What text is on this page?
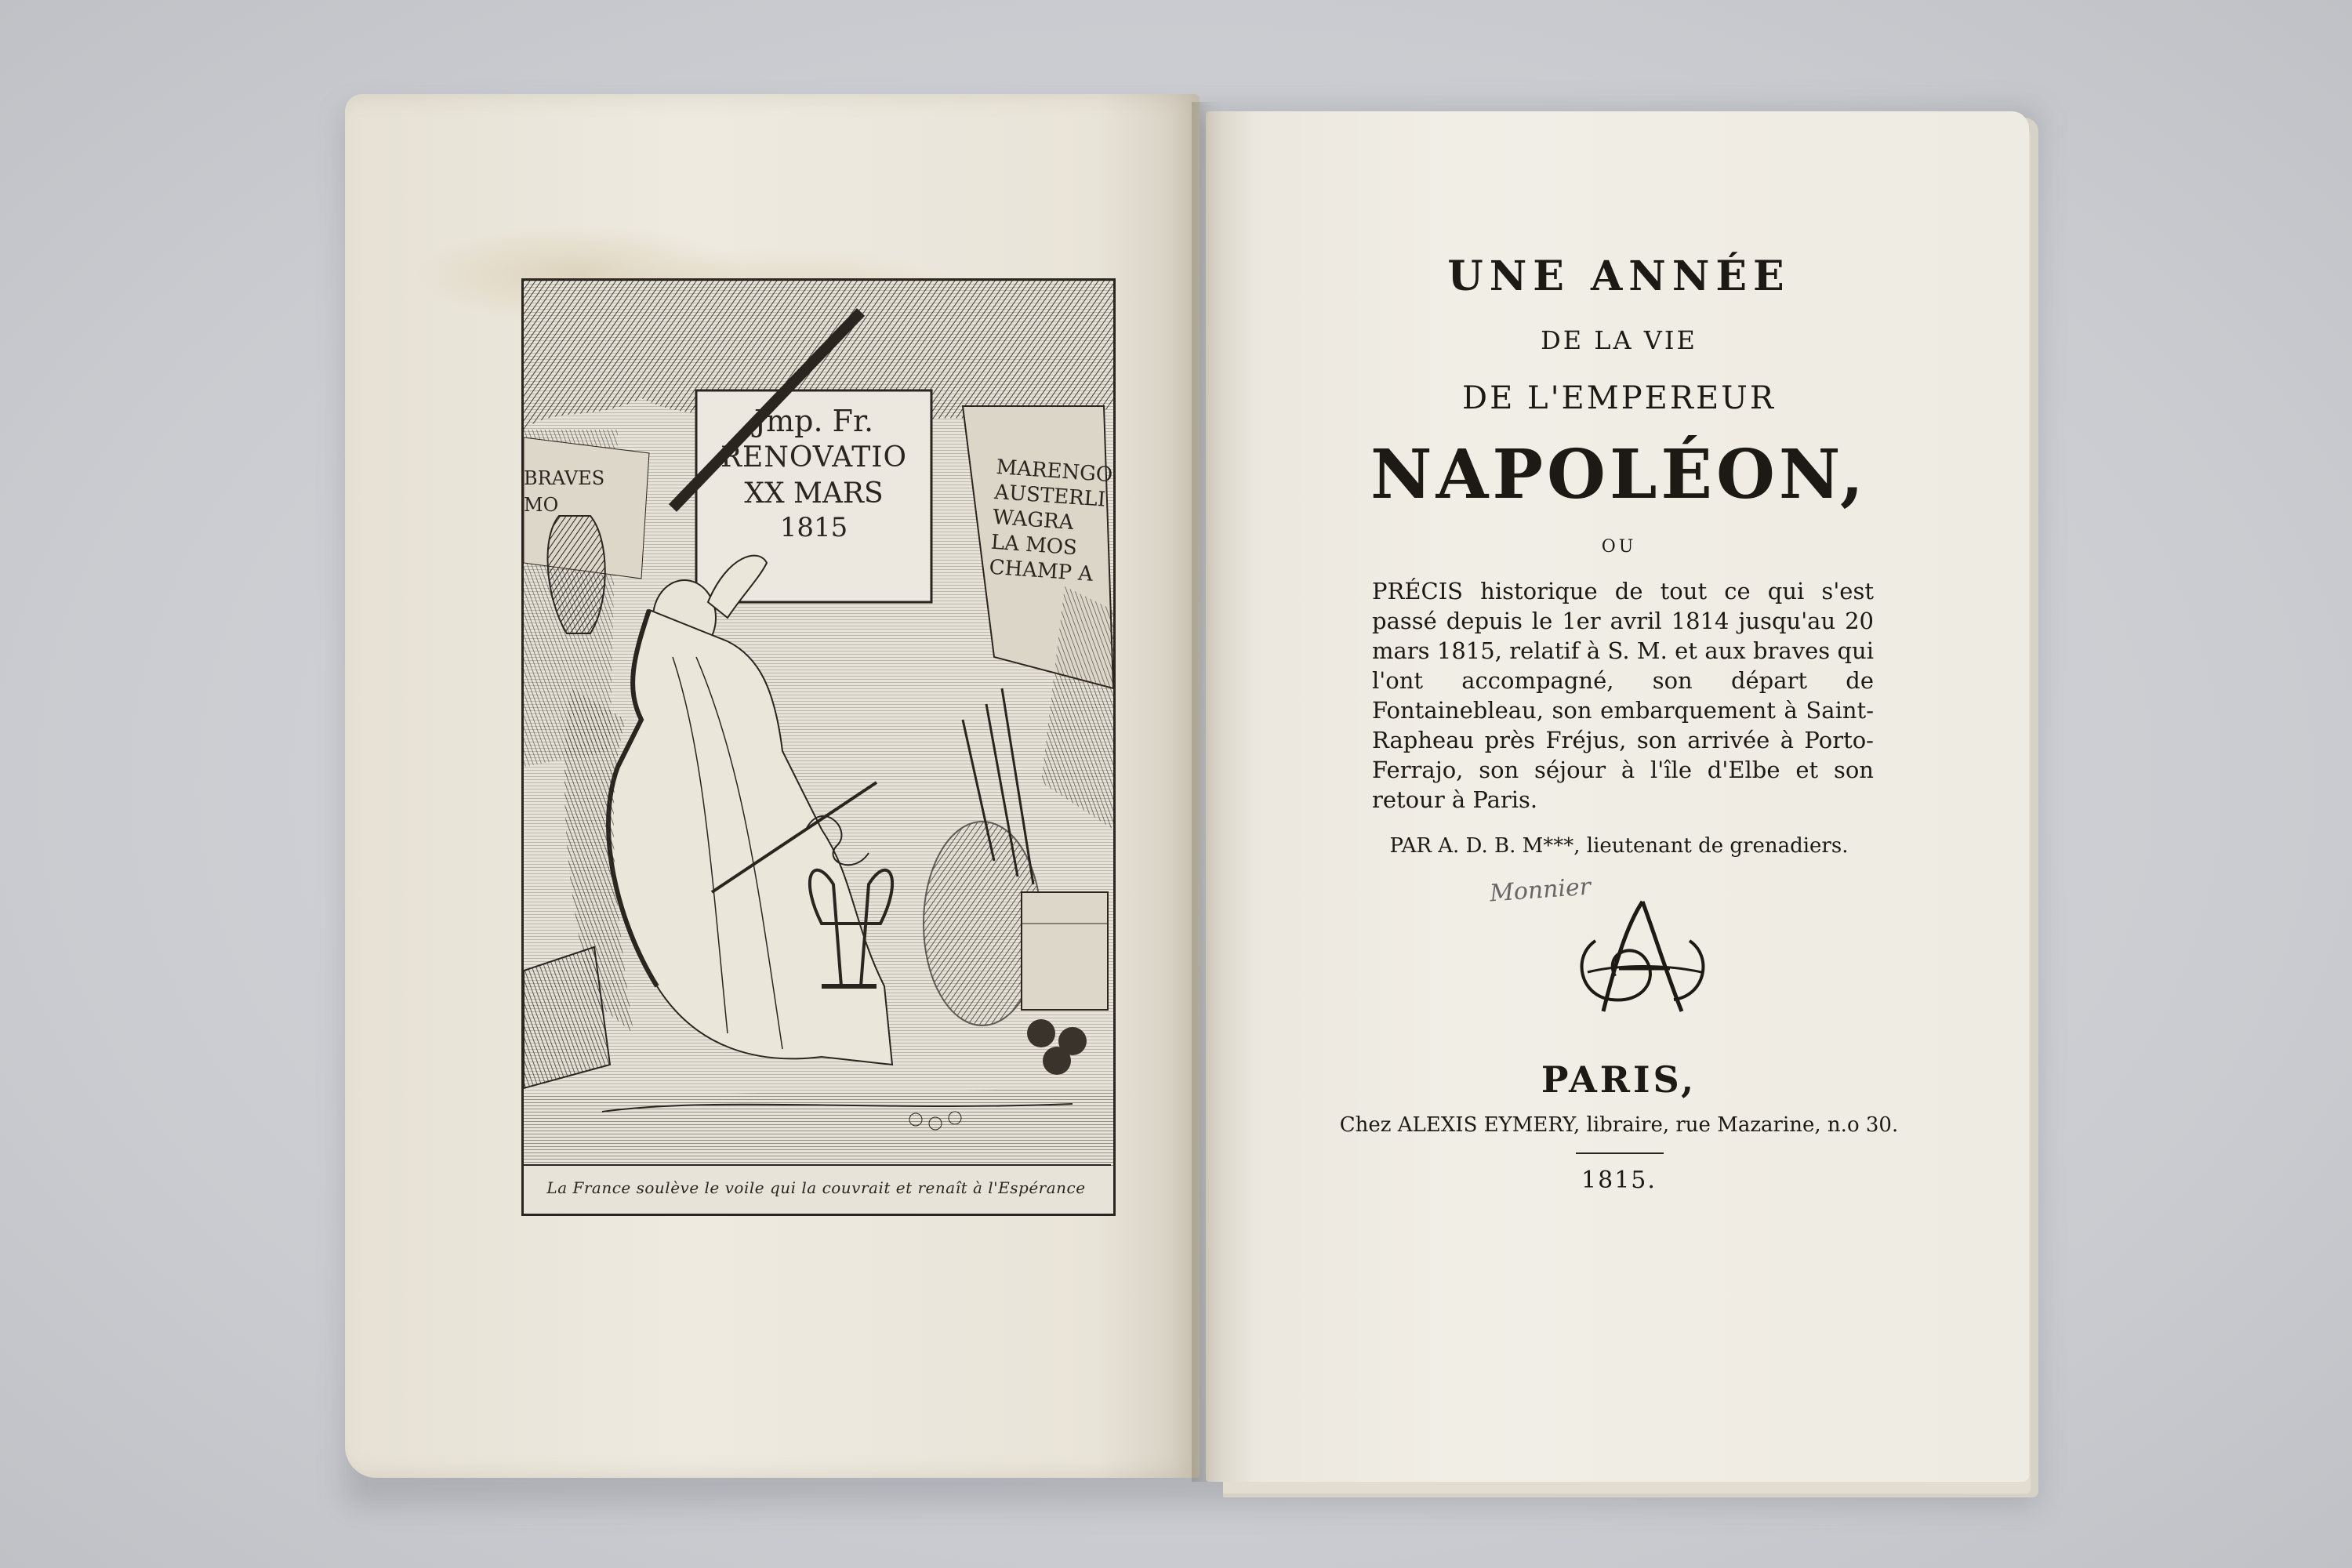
Jmp. Fr.
RENOVATIO
XX MARS
1815
MARENGO
AUSTERLI
WAGRA
LA MOS
CHAMP A
BRAVES
MO
La France soulève le voile qui la couvrait et renaît à l'Espérance
UNE ANNÉE
DE LA VIE
DE L'EMPEREUR
NAPOLÉON,
OU
PRÉCIS historique de tout ce qui s'est passé depuis le 1er avril 1814 jusqu'au 20 mars 1815, relatif à S. M. et aux braves qui l'ont accompagné, son départ de Fontainebleau, son embarquement à Saint-Rapheau près Fréjus, son arrivée à Porto-Ferrajo, son séjour à l'île d'Elbe et son retour à Paris.
PAR A. D. B. M***, lieutenant de grenadiers.
Monnier
PARIS,
Chez ALEXIS EYMERY, libraire, rue Mazarine, n.o 30.
1815.
